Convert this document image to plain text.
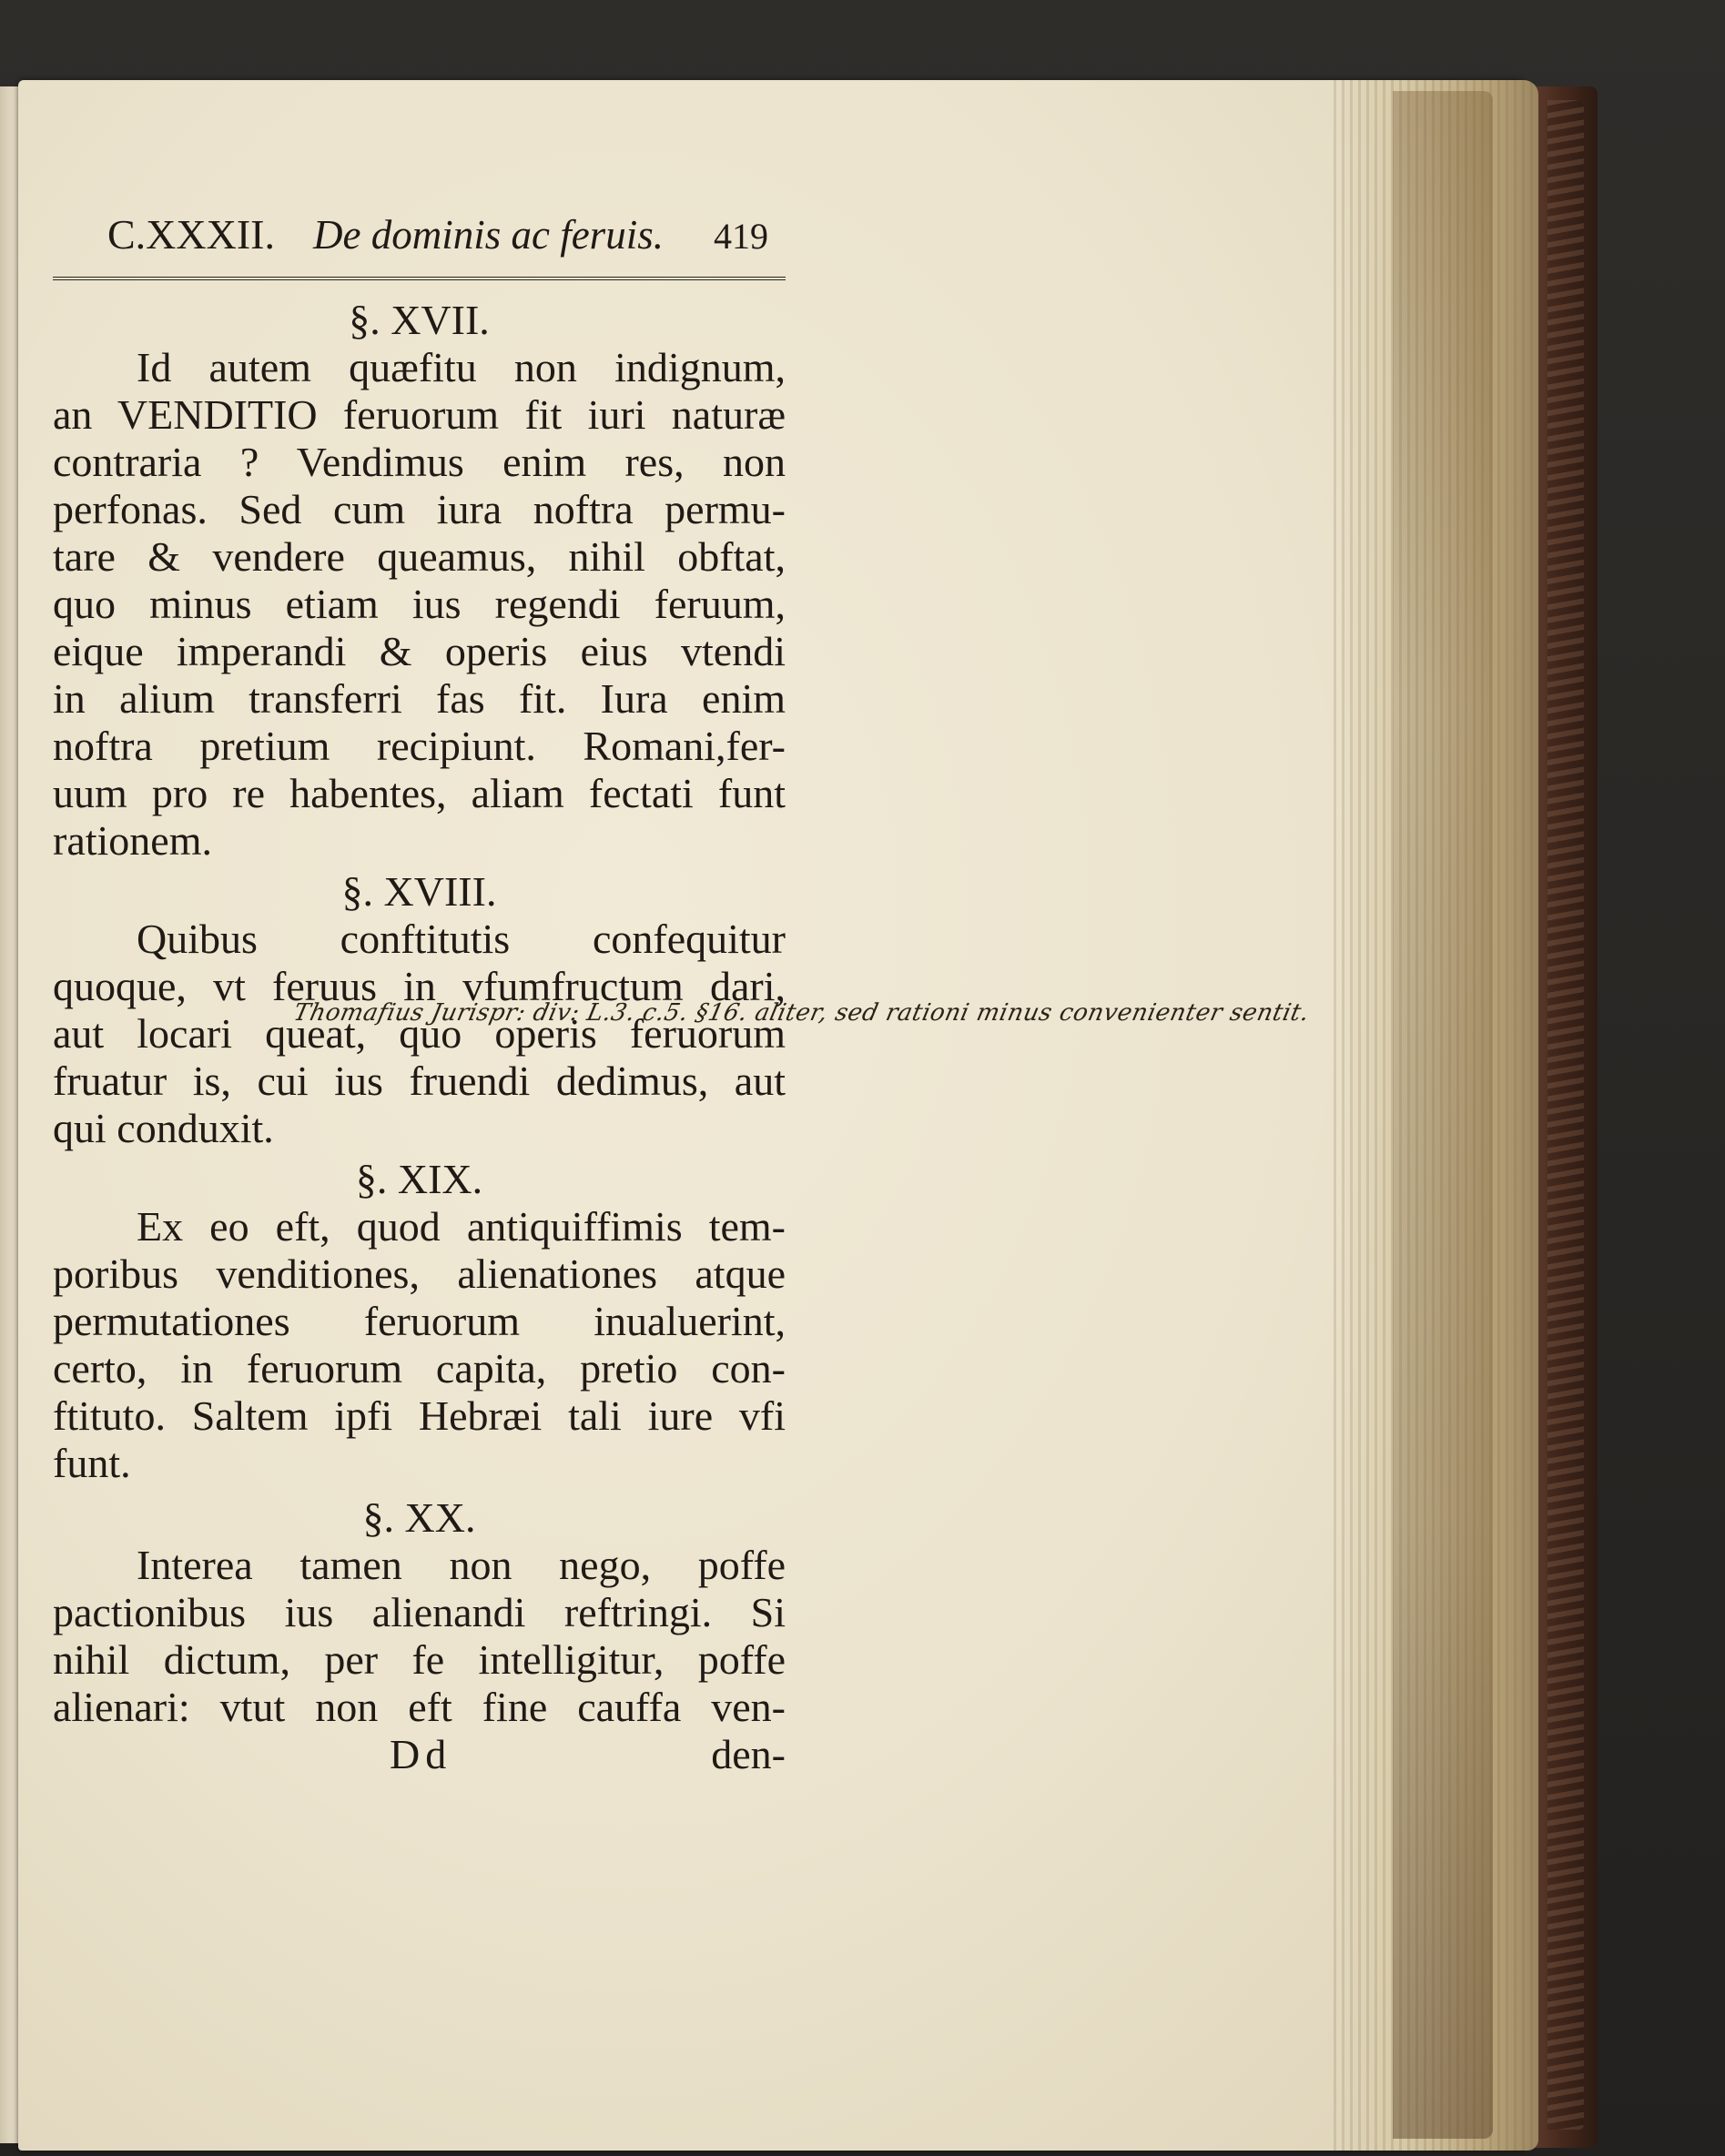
C.XXXII. De dominis ac feruis. 419
§. XVII.
Id autem quæfitu non indignum,
an VENDITIO feruorum fit iuri naturæ
contraria ? Vendimus enim res, non
perfonas. Sed cum iura noftra permu-
tare & vendere queamus, nihil obftat,
quo minus etiam ius regendi feruum,
eique imperandi & operis eius vtendi
in alium transferri fas fit. Iura enim
noftra pretium recipiunt. Romani,fer-
uum pro re habentes, aliam fectati funt
rationem.
§. XVIII.
Quibus conftitutis confequitur
quoque, vt feruus in vfumfructum dari,
aut locari queat, quo operis feruorum
fruatur is, cui ius fruendi dedimus, aut
qui conduxit.
§. XIX.
Ex eo eft, quod antiquiffimis tem-
poribus venditiones, alienationes atque
permutationes feruorum inualuerint,
certo, in feruorum capita, pretio con-
ftituto. Saltem ipfi Hebræi tali iure vfi
funt.
§. XX.
Interea tamen non nego, poffe
pactionibus ius alienandi reftringi. Si
nihil dictum, per fe intelligitur, poffe
alienari: vtut non eft fine cauffa ven-
Dd	den-
Thomafius Jurispr: div: L.3. c.5. §16. aliter, sed rationi minus convenienter sentit.
